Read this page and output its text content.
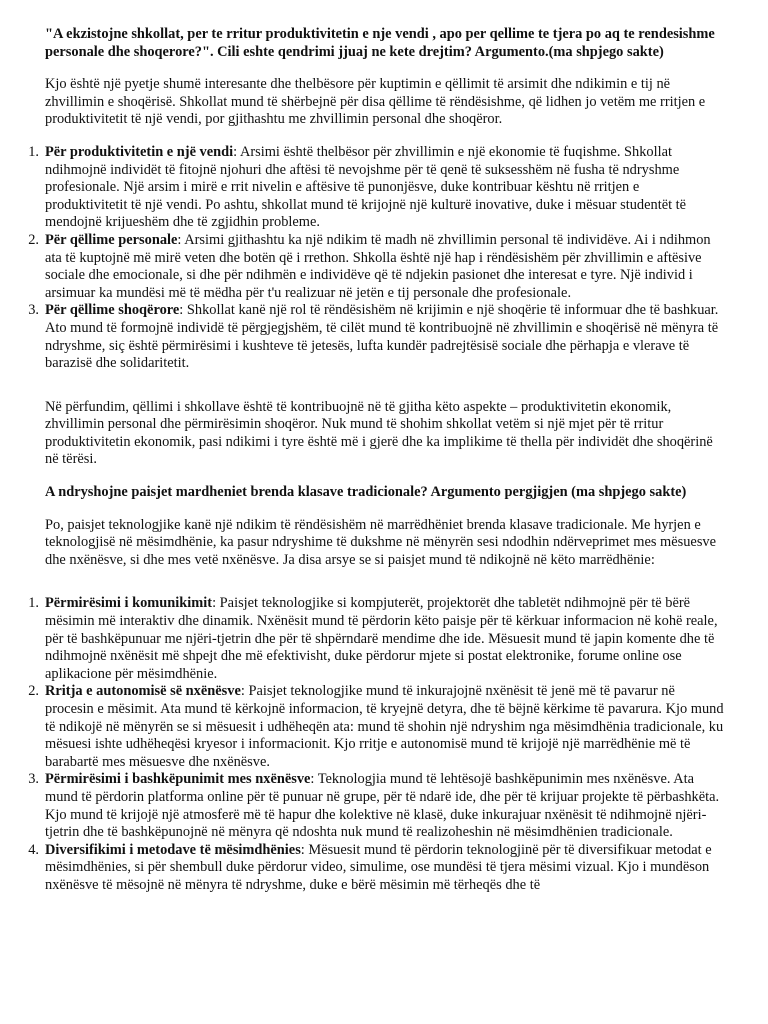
"A ekzistojne shkollat, per te rritur produktivitetin e nje vendi , apo per qellime te tjera po aq te rendesishme personale dhe shoqerore?". Cili eshte qendrimi jjuaj ne kete drejtim? Argumento.(ma shpjego sakte)

Kjo është një pyetje shumë interesante dhe thelbësore për kuptimin e qëllimit të arsimit dhe ndikimin e tij në zhvillimin e shoqërisë. Shkollat mund të shërbejnë për disa qëllime të rëndësishme, që lidhen jo vetëm me rritjen e produktivitetit të një vendi, por gjithashtu me zhvillimin personal dhe shoqëror.

1. Për produktivitetin e një vendi: Arsimi është thelbësor për zhvillimin e një ekonomie të fuqishme. Shkollat ndihmojnë individët të fitojnë njohuri dhe aftësi të nevojshme për të qenë të suksesshëm në fusha të ndryshme profesionale. Një arsim i mirë e rrit nivelin e aftësive të punonjësve, duke kontribuar kështu në rritjen e produktivitetit të një vendi. Po ashtu, shkollat mund të krijojnë një kulturë inovative, duke i mësuar studentët të mendojnë krijueshëm dhe të zgjidhin probleme.
2. Për qëllime personale: Arsimi gjithashtu ka një ndikim të madh në zhvillimin personal të individëve. Ai i ndihmon ata të kuptojnë më mirë veten dhe botën që i rrethon. Shkolla është një hap i rëndësishëm për zhvillimin e aftësive sociale dhe emocionale, si dhe për ndihmën e individëve që të ndjekin pasionet dhe interesat e tyre. Një individ i arsimuar ka mundësi më të mëdha për t'u realizuar në jetën e tij personale dhe profesionale.
3. Për qëllime shoqërore: Shkollat kanë një rol të rëndësishëm në krijimin e një shoqërie të informuar dhe të bashkuar. Ato mund të formojnë individë të përgjegjshëm, të cilët mund të kontribuojnë në zhvillimin e shoqërisë në mënyra të ndryshme, siç është përmirësimi i kushteve të jetesës, lufta kundër padrejtësisë sociale dhe përhapja e vlerave të barazisë dhe solidaritetit.

Në përfundim, qëllimi i shkollave është të kontribuojnë në të gjitha këto aspekte – produktivitetin ekonomik, zhvillimin personal dhe përmirësimin shoqëror. Nuk mund të shohim shkollat vetëm si një mjet për të rritur produktivitetin ekonomik, pasi ndikimi i tyre është më i gjerë dhe ka implikime të thella për individët dhe shoqërinë në tërësi.

A ndryshojne paisjet mardheniet brenda klasave tradicionale? Argumento pergjigjen (ma shpjego sakte)

Po, paisjet teknologjike kanë një ndikim të rëndësishëm në marrëdhëniet brenda klasave tradicionale. Me hyrjen e teknologjisë në mësimdhënie, ka pasur ndryshime të dukshme në mënyrën sesi ndodhin ndërveprimet mes mësuesve dhe nxënësve, si dhe mes vetë nxënësve. Ja disa arsye se si paisjet mund të ndikojnë në këto marrëdhënie:

1. Përmirësimi i komunikimit: Paisjet teknologjike si kompjuterët, projektorët dhe tabletët ndihmojnë për të bërë mësimin më interaktiv dhe dinamik. Nxënësit mund të përdorin këto paisje për të kërkuar informacion në kohë reale, për të bashkëpunuar me njëri-tjetrin dhe për të shpërndarë mendime dhe ide. Mësuesit mund të japin komente dhe të ndihmojnë nxënësit më shpejt dhe më efektivisht, duke përdorur mjete si postat elektronike, forume online ose aplikacione për mësimdhënie.
2. Rritja e autonomisë së nxënësve: Paisjet teknologjike mund të inkurajojnë nxënësit të jenë më të pavarur në procesin e mësimit. Ata mund të kërkojnë informacion, të kryejnë detyra, dhe të bëjnë kërkime të pavarura. Kjo mund të ndikojë në mënyrën se si mësuesit i udhëheqën ata: mund të shohin një ndryshim nga mësimdhënia tradicionale, ku mësuesi ishte udhëheqësi kryesor i informacionit. Kjo rritje e autonomisë mund të krijojë një marrëdhënie më të barabartë mes mësuesve dhe nxënësve.
3. Përmirësimi i bashkëpunimit mes nxënësve: Teknologjia mund të lehtësojë bashkëpunimin mes nxënësve. Ata mund të përdorin platforma online për të punuar në grupe, për të ndarë ide, dhe për të krijuar projekte të përbashkëta. Kjo mund të krijojë një atmosferë më të hapur dhe kolektive në klasë, duke inkurajuar nxënësit të ndihmojnë njëri-tjetrin dhe të bashkëpunojnë në mënyra që ndoshta nuk mund të realizoheshin në mësimdhënien tradicionale.
4. Diversifikimi i metodave të mësimdhënies: Mësuesit mund të përdorin teknologjinë për të diversifikuar metodat e mësimdhënies, si për shembull duke përdorur video, simulime, ose mundësi të tjera mësimi vizual. Kjo i mundëson nxënësve të mësojnë në mënyra të ndryshme, duke e bërë mësimin më tërheqës dhe të
